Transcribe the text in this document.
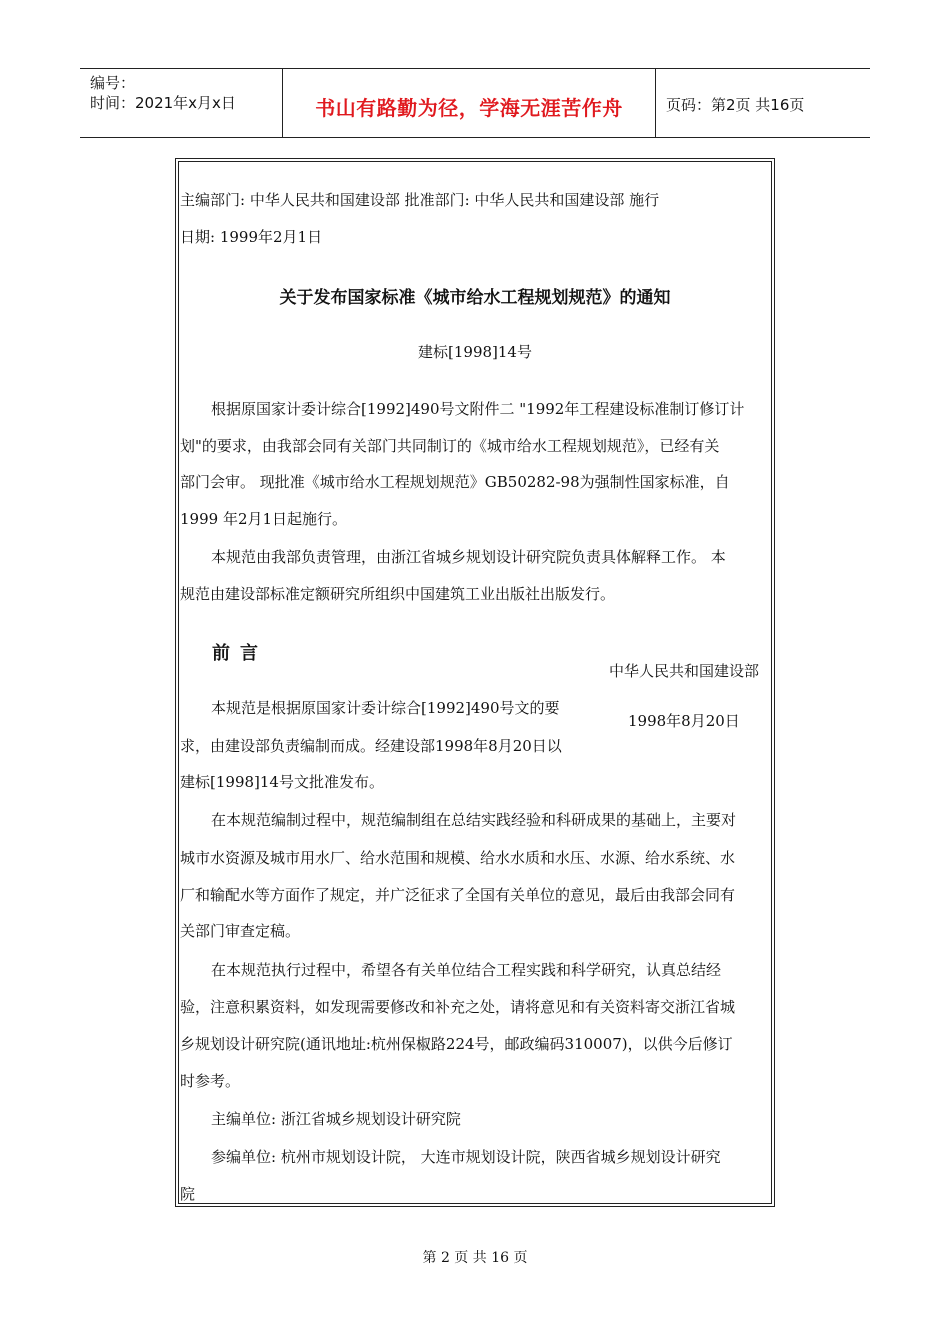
编号：
时间：2021年x月x日	书山有路勤为径，学海无涯苦作舟	页码：第2页 共16页
主编部门: 中华人民共和国建设部 批准部门: 中华人民共和国建设部 施行
日期: 1999年2月1日
关于发布国家标准《城市给水工程规划规范》的通知
建标[1998]14号
根据原国家计委计综合[1992]490号文附件二 "1992年工程建设标准制订修订计
划"的要求，由我部会同有关部门共同制订的《城市给水工程规划规范》，已经有关
部门会审。 现批准《城市给水工程规划规范》GB50282-98为强制性国家标准，自
1999 年2月1日起施行。
本规范由我部负责管理，由浙江省城乡规划设计研究院负责具体解释工作。 本
规范由建设部标准定额研究所组织中国建筑工业出版社出版发行。
前言
中华人民共和国建设部
1998年8月20日
本规范是根据原国家计委计综合[1992]490号文的要
求，由建设部负责编制而成。经建设部1998年8月20日以
建标[1998]14号文批准发布。
在本规范编制过程中，规范编制组在总结实践经验和科研成果的基础上，主要对
城市水资源及城市用水厂、给水范围和规模、给水水质和水压、水源、给水系统、水
厂和输配水等方面作了规定，并广泛征求了全国有关单位的意见，最后由我部会同有
关部门审查定稿。
在本规范执行过程中，希望各有关单位结合工程实践和科学研究，认真总结经
验，注意积累资料，如发现需要修改和补充之处，请将意见和有关资料寄交浙江省城
乡规划设计研究院(通讯地址:杭州保椒路224号，邮政编码310007)，以供今后修订
时参考。
主编单位: 浙江省城乡规划设计研究院
参编单位: 杭州市规划设计院， 大连市规划设计院，陕西省城乡规划设计研究
院
第 2 页 共 16 页
